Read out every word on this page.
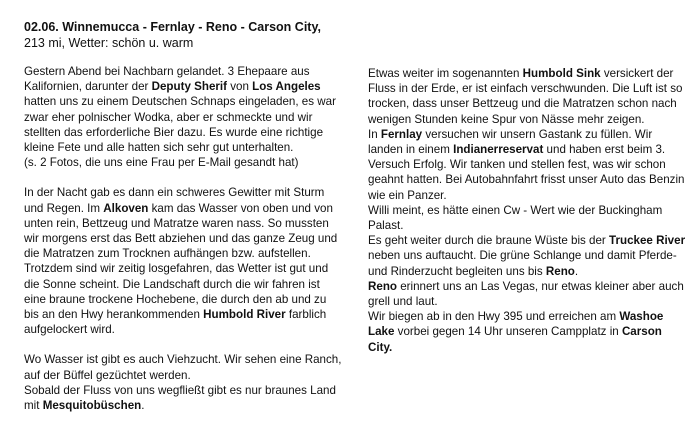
02.06. Winnemucca - Fernlay - Reno - Carson City,
213 mi, Wetter: schön u. warm

Gestern Abend bei Nachbarn gelandet. 3 Ehepaare aus Kalifornien, darunter der Deputy Sherif von Los Angeles hatten uns zu einem Deutschen Schnaps eingeladen, es war zwar eher polnischer Wodka, aber er schmeckte und wir stellten das erforderliche Bier dazu. Es wurde eine richtige kleine Fete und alle hatten sich sehr gut unterhalten.

(s. 2 Fotos, die uns eine Frau per E-Mail gesandt hat)

In der Nacht gab es dann ein schweres Gewitter mit Sturm und Regen. Im Alkoven kam das Wasser von oben und von unten rein, Bettzeug und Matratze waren nass. So mussten wir morgens erst das Bett abziehen und das ganze Zeug und die Matratzen zum Trocknen aufhängen bzw. aufstellen.

Trotzdem sind wir zeitig losgefahren, das Wetter ist gut und die Sonne scheint. Die Landschaft durch die wir fahren ist eine braune trockene Hochebene, die durch den ab und zu bis an den Hwy herankommenden Humbold River farblich aufgelockert wird.

Wo Wasser ist gibt es auch Viehzucht. Wir sehen eine Ranch, auf der Büffel gezüchtet werden.

Sobald der Fluss von uns wegfließt gibt es nur braunes Land mit Mesquitobüschen.

Etwas weiter im sogenannten Humbold Sink versickert der Fluss in der Erde, er ist einfach verschwunden. Die Luft ist so trocken, dass unser Bettzeug und die Matratzen schon nach wenigen Stunden keine Spur von Nässe mehr zeigen.

In Fernlay versuchen wir unsern Gastank zu füllen. Wir landen in einem Indianerreservat und haben erst beim 3. Versuch Erfolg. Wir tanken und stellen fest, was wir schon geahnt hatten. Bei Autobahnfahrt frisst unser Auto das Benzin wie ein Panzer.

Willi meint, es hätte einen Cw - Wert wie der Buckingham Palast.

Es geht weiter durch die braune Wüste bis der Truckee River neben uns auftaucht. Die grüne Schlange und damit Pferde- und Rinderzucht begleiten uns bis Reno.

Reno erinnert uns an Las Vegas, nur etwas kleiner aber auch grell und laut.

Wir biegen ab in den Hwy 395 und erreichen am Washoe Lake vorbei gegen 14 Uhr unseren Campplatz in Carson City.
